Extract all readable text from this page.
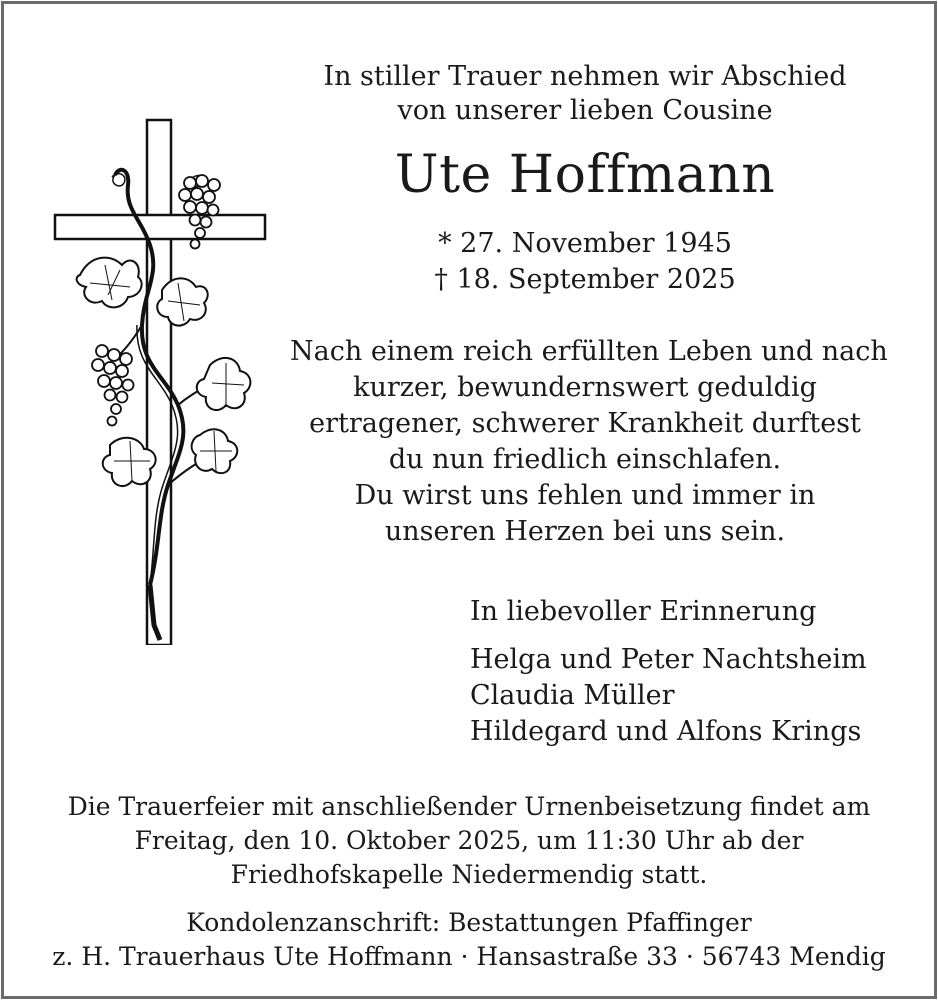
In stiller Trauer nehmen wir Abschied
von unserer lieben Cousine
Ute Hoffmann
* 27. November 1945
† 18. September 2025
Nach einem reich erfüllten Leben und nach
kurzer, bewundernswert geduldig
ertragener, schwerer Krankheit durftest
du nun friedlich einschlafen.
Du wirst uns fehlen und immer in
unseren Herzen bei uns sein.
In liebevoller Erinnerung
Helga und Peter Nachtsheim
Claudia Müller
Hildegard und Alfons Krings
Die Trauerfeier mit anschließender Urnenbeisetzung findet am
Freitag, den 10. Oktober 2025, um 11:30 Uhr ab der
Friedhofskapelle Niedermendig statt.
Kondolenzanschrift: Bestattungen Pfaffinger
z. H. Trauerhaus Ute Hoffmann · Hansastraße 33 · 56743 Mendig
